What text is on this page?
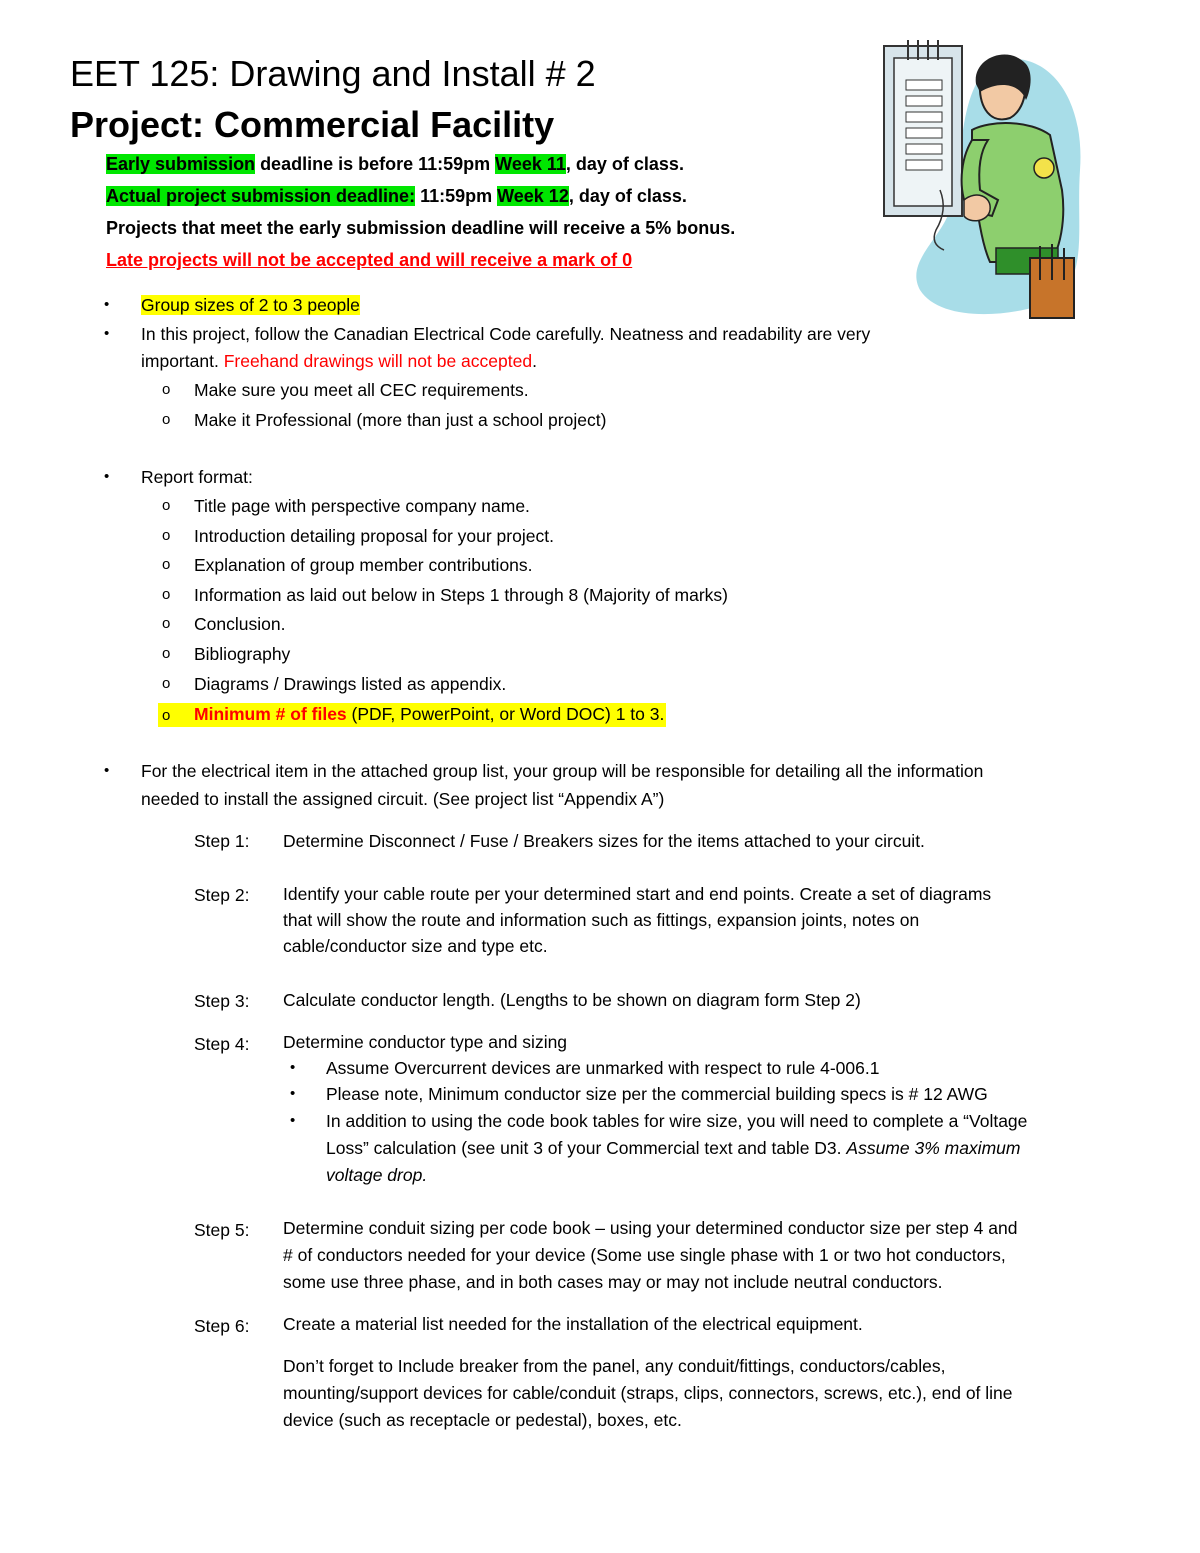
EET 125: Drawing and Install # 2
Project: Commercial Facility
Early submission deadline is before 11:59pm Week 11, day of class.
Actual project submission deadline: 11:59pm Week 12, day of class.
Projects that meet the early submission deadline will receive a 5% bonus.
Late projects will not be accepted and will receive a mark of 0
• Group sizes of 2 to 3 people
• In this project, follow the Canadian Electrical Code carefully. Neatness and readability are very
important. Freehand drawings will not be accepted.
o Make sure you meet all CEC requirements.
o Make it Professional (more than just a school project)
• Report format:
o Title page with perspective company name.
o Introduction detailing proposal for your project.
o Explanation of group member contributions.
o Information as laid out below in Steps 1 through 8 (Majority of marks)
o Conclusion.
o Bibliography
o Diagrams / Drawings listed as appendix.
o Minimum # of files (PDF, PowerPoint, or Word DOC) 1 to 3.
• For the electrical item in the attached group list, your group will be responsible for detailing all the information
needed to install the assigned circuit. (See project list “Appendix A”)
Step 1: Determine Disconnect / Fuse / Breakers sizes for the items attached to your circuit.
Step 2: Identify your cable route per your determined start and end points. Create a set of diagrams
that will show the route and information such as fittings, expansion joints, notes on
cable/conductor size and type etc.
Step 3: Calculate conductor length. (Lengths to be shown on diagram form Step 2)
Step 4: Determine conductor type and sizing
• Assume Overcurrent devices are unmarked with respect to rule 4-006.1
• Please note, Minimum conductor size per the commercial building specs is # 12 AWG
• In addition to using the code book tables for wire size, you will need to complete a “Voltage
Loss” calculation (see unit 3 of your Commercial text and table D3. Assume 3% maximum
voltage drop.
Step 5: Determine conduit sizing per code book – using your determined conductor size per step 4 and
# of conductors needed for your device (Some use single phase with 1 or two hot conductors,
some use three phase, and in both cases may or may not include neutral conductors.
Step 6: Create a material list needed for the installation of the electrical equipment.
Don’t forget to Include breaker from the panel, any conduit/fittings, conductors/cables,
mounting/support devices for cable/conduit (straps, clips, connectors, screws, etc.), end of line
device (such as receptacle or pedestal), boxes, etc.
